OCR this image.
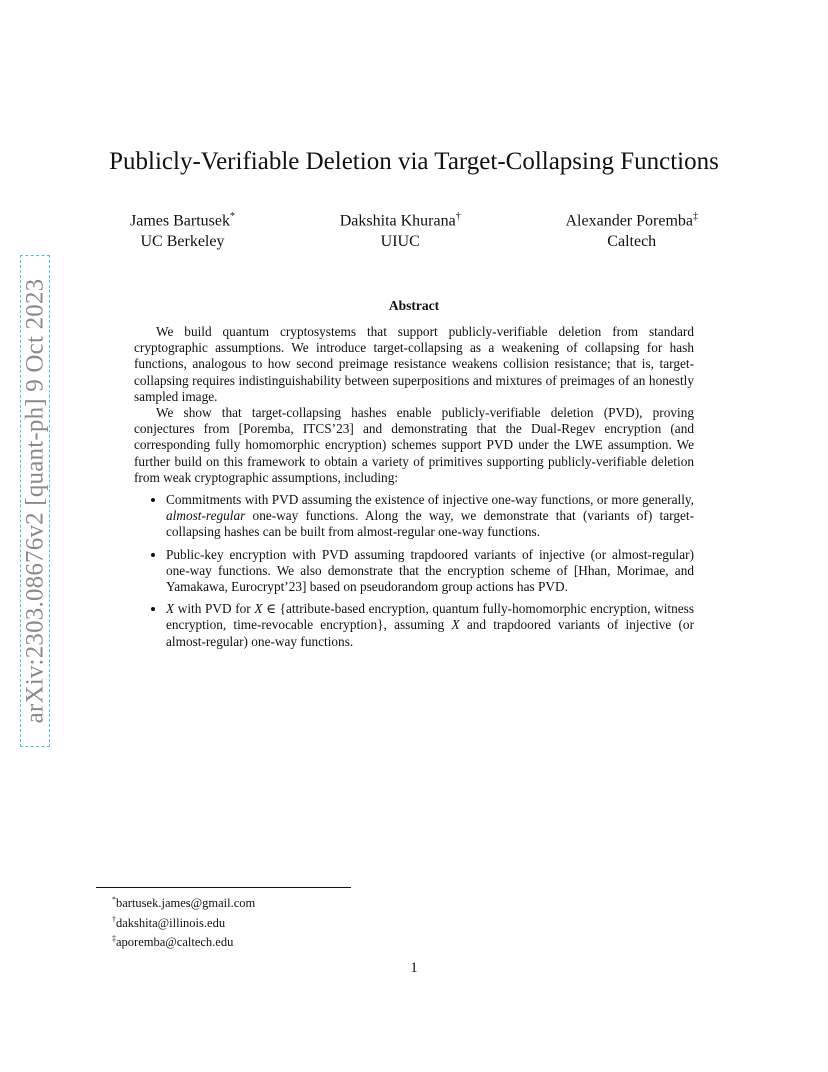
arXiv:2303.08676v2 [quant-ph] 9 Oct 2023
Publicly-Verifiable Deletion via Target-Collapsing Functions
James Bartusek*
UC Berkeley
Dakshita Khurana†
UIUC
Alexander Poremba‡
Caltech
Abstract

We build quantum cryptosystems that support publicly-verifiable deletion from standard cryptographic assumptions. We introduce target-collapsing as a weakening of collapsing for hash functions, analogous to how second preimage resistance weakens collision resistance; that is, target-collapsing requires indistinguishability between superpositions and mixtures of preimages of an honestly sampled image.

We show that target-collapsing hashes enable publicly-verifiable deletion (PVD), proving conjectures from [Poremba, ITCS’23] and demonstrating that the Dual-Regev encryption (and corresponding fully homomorphic encryption) schemes support PVD under the LWE assumption. We further build on this framework to obtain a variety of primitives supporting publicly-verifiable deletion from weak cryptographic assumptions, including:

• Commitments with PVD assuming the existence of injective one-way functions, or more generally, almost-regular one-way functions. Along the way, we demonstrate that (variants of) target-collapsing hashes can be built from almost-regular one-way functions.
• Public-key encryption with PVD assuming trapdoored variants of injective (or almost-regular) one-way functions. We also demonstrate that the encryption scheme of [Hhan, Morimae, and Yamakawa, Eurocrypt’23] based on pseudorandom group actions has PVD.
• X with PVD for X ∈ {attribute-based encryption, quantum fully-homomorphic encryption, witness encryption, time-revocable encryption}, assuming X and trapdoored variants of injective (or almost-regular) one-way functions.
*bartusek.james@gmail.com
†dakshita@illinois.edu
‡aporemba@caltech.edu
1
